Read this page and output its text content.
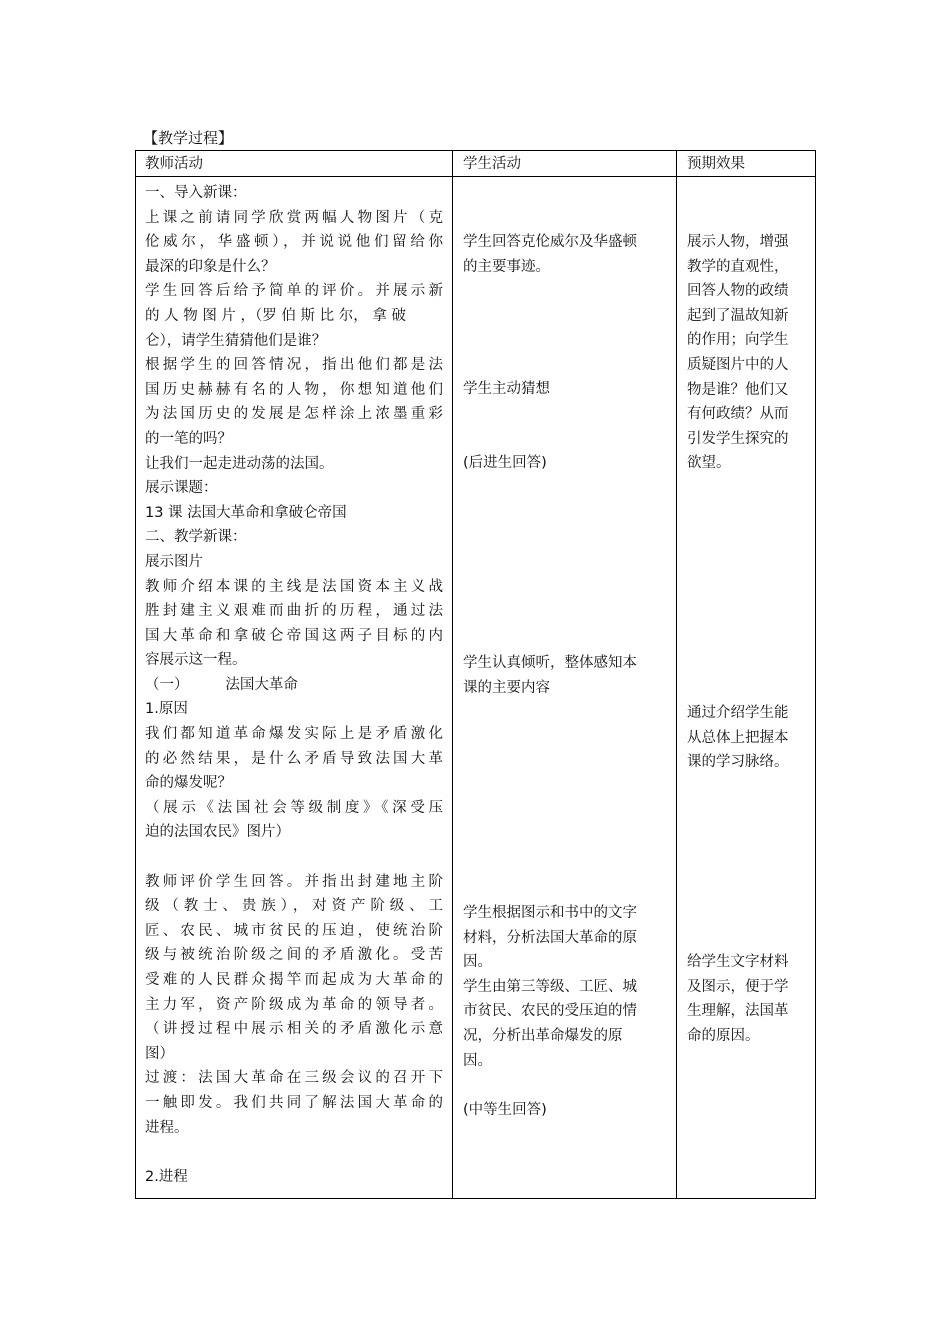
【教学过程】
教师活动	学生活动	预期效果
一、导入新课：
上课之前请同学欣赏两幅人物图片（克
伦威尔，华盛顿），并说说他们留给你
最深的印象是什么？
学生回答后给予简单的评价。并展示新
的 人 物 图 片 ，（罗 伯 斯 比 尔， 拿 破
仑），请学生猜猜他们是谁？
根据学生的回答情况，指出他们都是法
国历史赫赫有名的人物，你想知道他们
为法国历史的发展是怎样涂上浓墨重彩
的一笔的吗？
让我们一起走进动荡的法国。
展示课题：
13 课 法国大革命和拿破仑帝国
二、教学新课：
展示图片
教师介绍本课的主线是法国资本主义战
胜封建主义艰难而曲折的历程，通过法
国大革命和拿破仑帝国这两子目标的内
容展示这一程。
（一）        法国大革命
1.原因
我们都知道革命爆发实际上是矛盾激化
的必然结果，是什么矛盾导致法国大革
命的爆发呢？
（展示《法国社会等级制度》《深受压
迫的法国农民》图片）
教师评价学生回答。并指出封建地主阶
级（教士、贵族），对资产阶级、工
匠、农民、城市贫民的压迫，使统治阶
级与被统治阶级之间的矛盾激化。受苦
受难的人民群众揭竿而起成为大革命的
主力军，资产阶级成为革命的领导者。
（讲授过程中展示相关的矛盾激化示意
图）
过渡：法国大革命在三级会议的召开下
一触即发。我们共同了解法国大革命的
进程。
2.进程
学生回答克伦威尔及华盛顿
的主要事迹。
学生主动猜想
(后进生回答)
学生认真倾听，整体感知本
课的主要内容
学生根据图示和书中的文字
材料，分析法国大革命的原
因。
学生由第三等级、工匠、城
市贫民、农民的受压迫的情
况，分析出革命爆发的原
因。
(中等生回答)
展示人物，增强
教学的直观性，
回答人物的政绩
起到了温故知新
的作用；向学生
质疑图片中的人
物是谁？他们又
有何政绩？从而
引发学生探究的
欲望。
通过介绍学生能
从总体上把握本
课的学习脉络。
给学生文字材料
及图示，便于学
生理解，法国革
命的原因。
